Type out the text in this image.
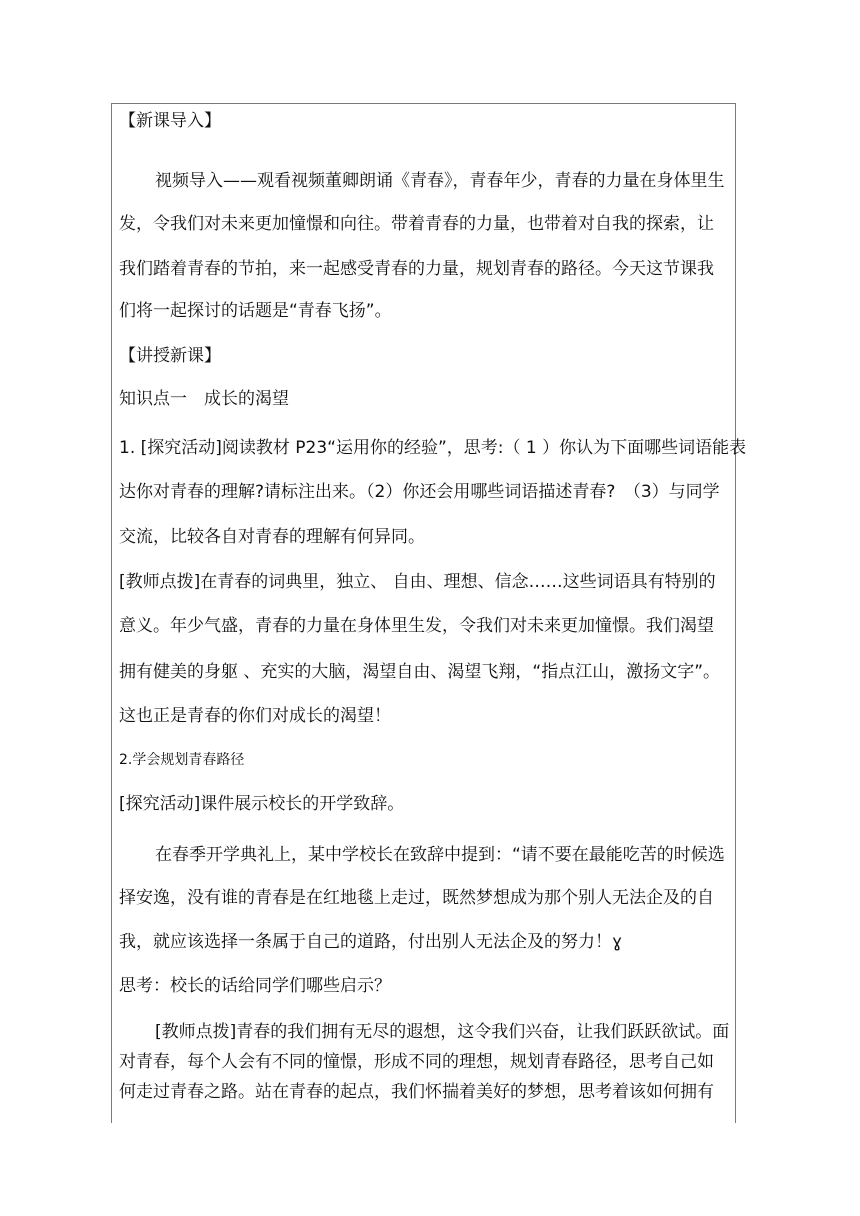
【新课导入】
视频导入——观看视频董卿朗诵《青春》，青春年少，青春的力量在身体里生
发，令我们对未来更加憧憬和向往。带着青春的力量，也带着对自我的探索，让
我们踏着青春的节拍，来一起感受青春的力量，规划青春的路径。今天这节课我
们将一起探讨的话题是“青春飞扬”。
【讲授新课】
知识点一　成长的渴望
1. [探究活动]阅读教材 P23“运用你的经验”，思考:（ 1 ）你认为下面哪些词语能表
达你对青春的理解?请标注出来。（2）你还会用哪些词语描述青春?　（3）与同学
交流，比较各自对青春的理解有何异同。
[教师点拨]在青春的词典里，独立、 自由、理想、信念……这些词语具有特别的
意义。年少气盛，青春的力量在身体里生发，令我们对未来更加憧憬。我们渴望
拥有健美的身躯 、充实的大脑，渴望自由、渴望飞翔，“指点江山，激扬文字”。
这也正是青春的你们对成长的渴望！
2.学会规划青春路径
[探究活动]课件展示校长的开学致辞。
在春季开学典礼上，某中学校长在致辞中提到：“请不要在最能吃苦的时候选
择安逸，没有谁的青春是在红地毯上走过，既然梦想成为那个别人无法企及的自
我，就应该选择一条属于自己的道路，付出别人无法企及的努力！ɣ
思考：校长的话给同学们哪些启示？
[教师点拨]青春的我们拥有无尽的遐想，这令我们兴奋，让我们跃跃欲试。面
对青春，每个人会有不同的憧憬，形成不同的理想，规划青春路径，思考自己如
何走过青春之路。站在青春的起点，我们怀揣着美好的梦想，思考着该如何拥有
